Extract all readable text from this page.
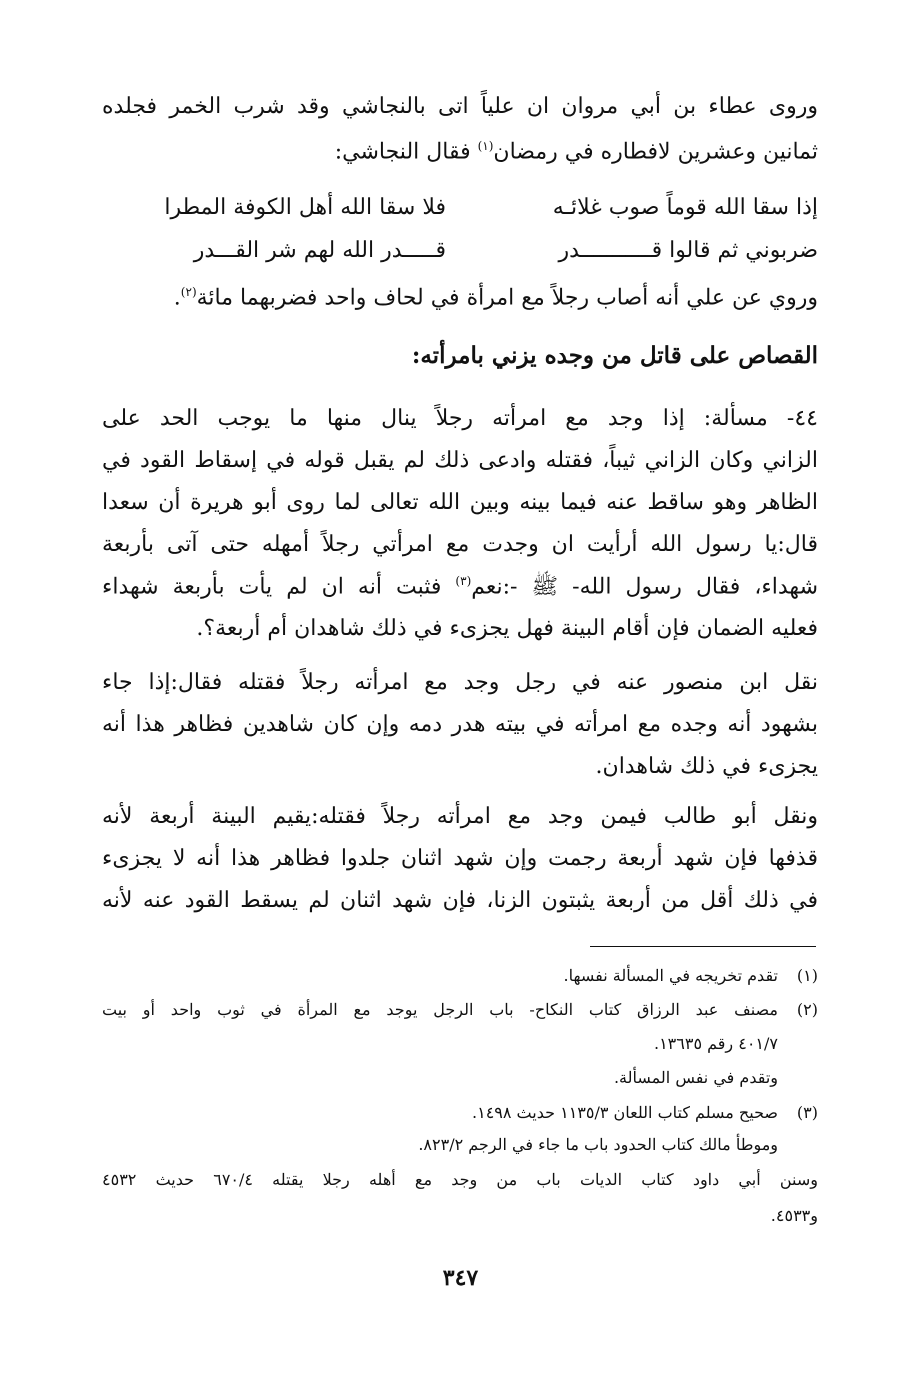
وروى عطاء بن أبي مروان ان علياً اتى بالنجاشي وقد شرب الخمر فجلده
ثمانين وعشرين لافطاره في رمضان$^{(١)}$ فقال النجاشي:
إذا سقا الله قوماً صوب غلائـه
فلا سقا الله أهل الكوفة المطرا
ضربوني ثم قالوا قـــــــــــدر
قـــــدر الله لهم شر القـــدر
وروي عن علي أنه أصاب رجلاً مع امرأة في لحاف واحد فضربهما مائة$^{(٢)}$.
القصاص على قاتل من وجده يزني بامرأته:
٤٤- مسألة: إذا وجد مع امرأته رجلاً ينال منها ما يوجب الحد على
الزاني وكان الزاني ثيباً، فقتله وادعى ذلك لم يقبل قوله في إسقاط القود في
الظاهر وهو ساقط عنه فيما بينه وبين الله تعالى لما روى أبو هريرة أن سعدا
قال:يا رسول الله أرأيت ان وجدت مع امرأتي رجلاً أمهله حتى آتى بأربعة
شهداء، فقال رسول الله- ﷺ -:نعم$^{(٣)}$ فثبت أنه ان لم يأت بأربعة شهداء
فعليه الضمان فإن أقام البينة فهل يجزىء في ذلك شاهدان أم أربعة؟.
نقل ابن منصور عنه في رجل وجد مع امرأته رجلاً فقتله فقال:إذا جاء
بشهود أنه وجده مع امرأته في بيته هدر دمه وإن كان شاهدين فظاهر هذا أنه
يجزىء في ذلك شاهدان.
ونقل أبو طالب فيمن وجد مع امرأته رجلاً فقتله:يقيم البينة أربعة لأنه
قذفها فإن شهد أربعة رجمت وإن شهد اثنان جلدوا فظاهر هذا أنه لا يجزىء
في ذلك أقل من أربعة يثبتون الزنا، فإن شهد اثنان لم يسقط القود عنه لأنه
(١)
تقدم تخريجه في المسألة نفسها.
(٢)
مصنف عبد الرزاق كتاب النكاح- باب الرجل يوجد مع المرأة في ثوب واحد أو بيت
٤٠١/٧ رقم ١٣٦٣٥.
وتقدم في نفس المسألة.
(٣)
صحيح مسلم كتاب اللعان ١١٣٥/٣ حديث ١٤٩٨.
وموطأ مالك كتاب الحدود باب ما جاء في الرجم ٨٢٣/٢.
وسنن أبي داود كتاب الديات باب من وجد مع أهله رجلا يقتله ٦٧٠/٤ حديث ٤٥٣٢
و٤٥٣٣.
٣٤٧
